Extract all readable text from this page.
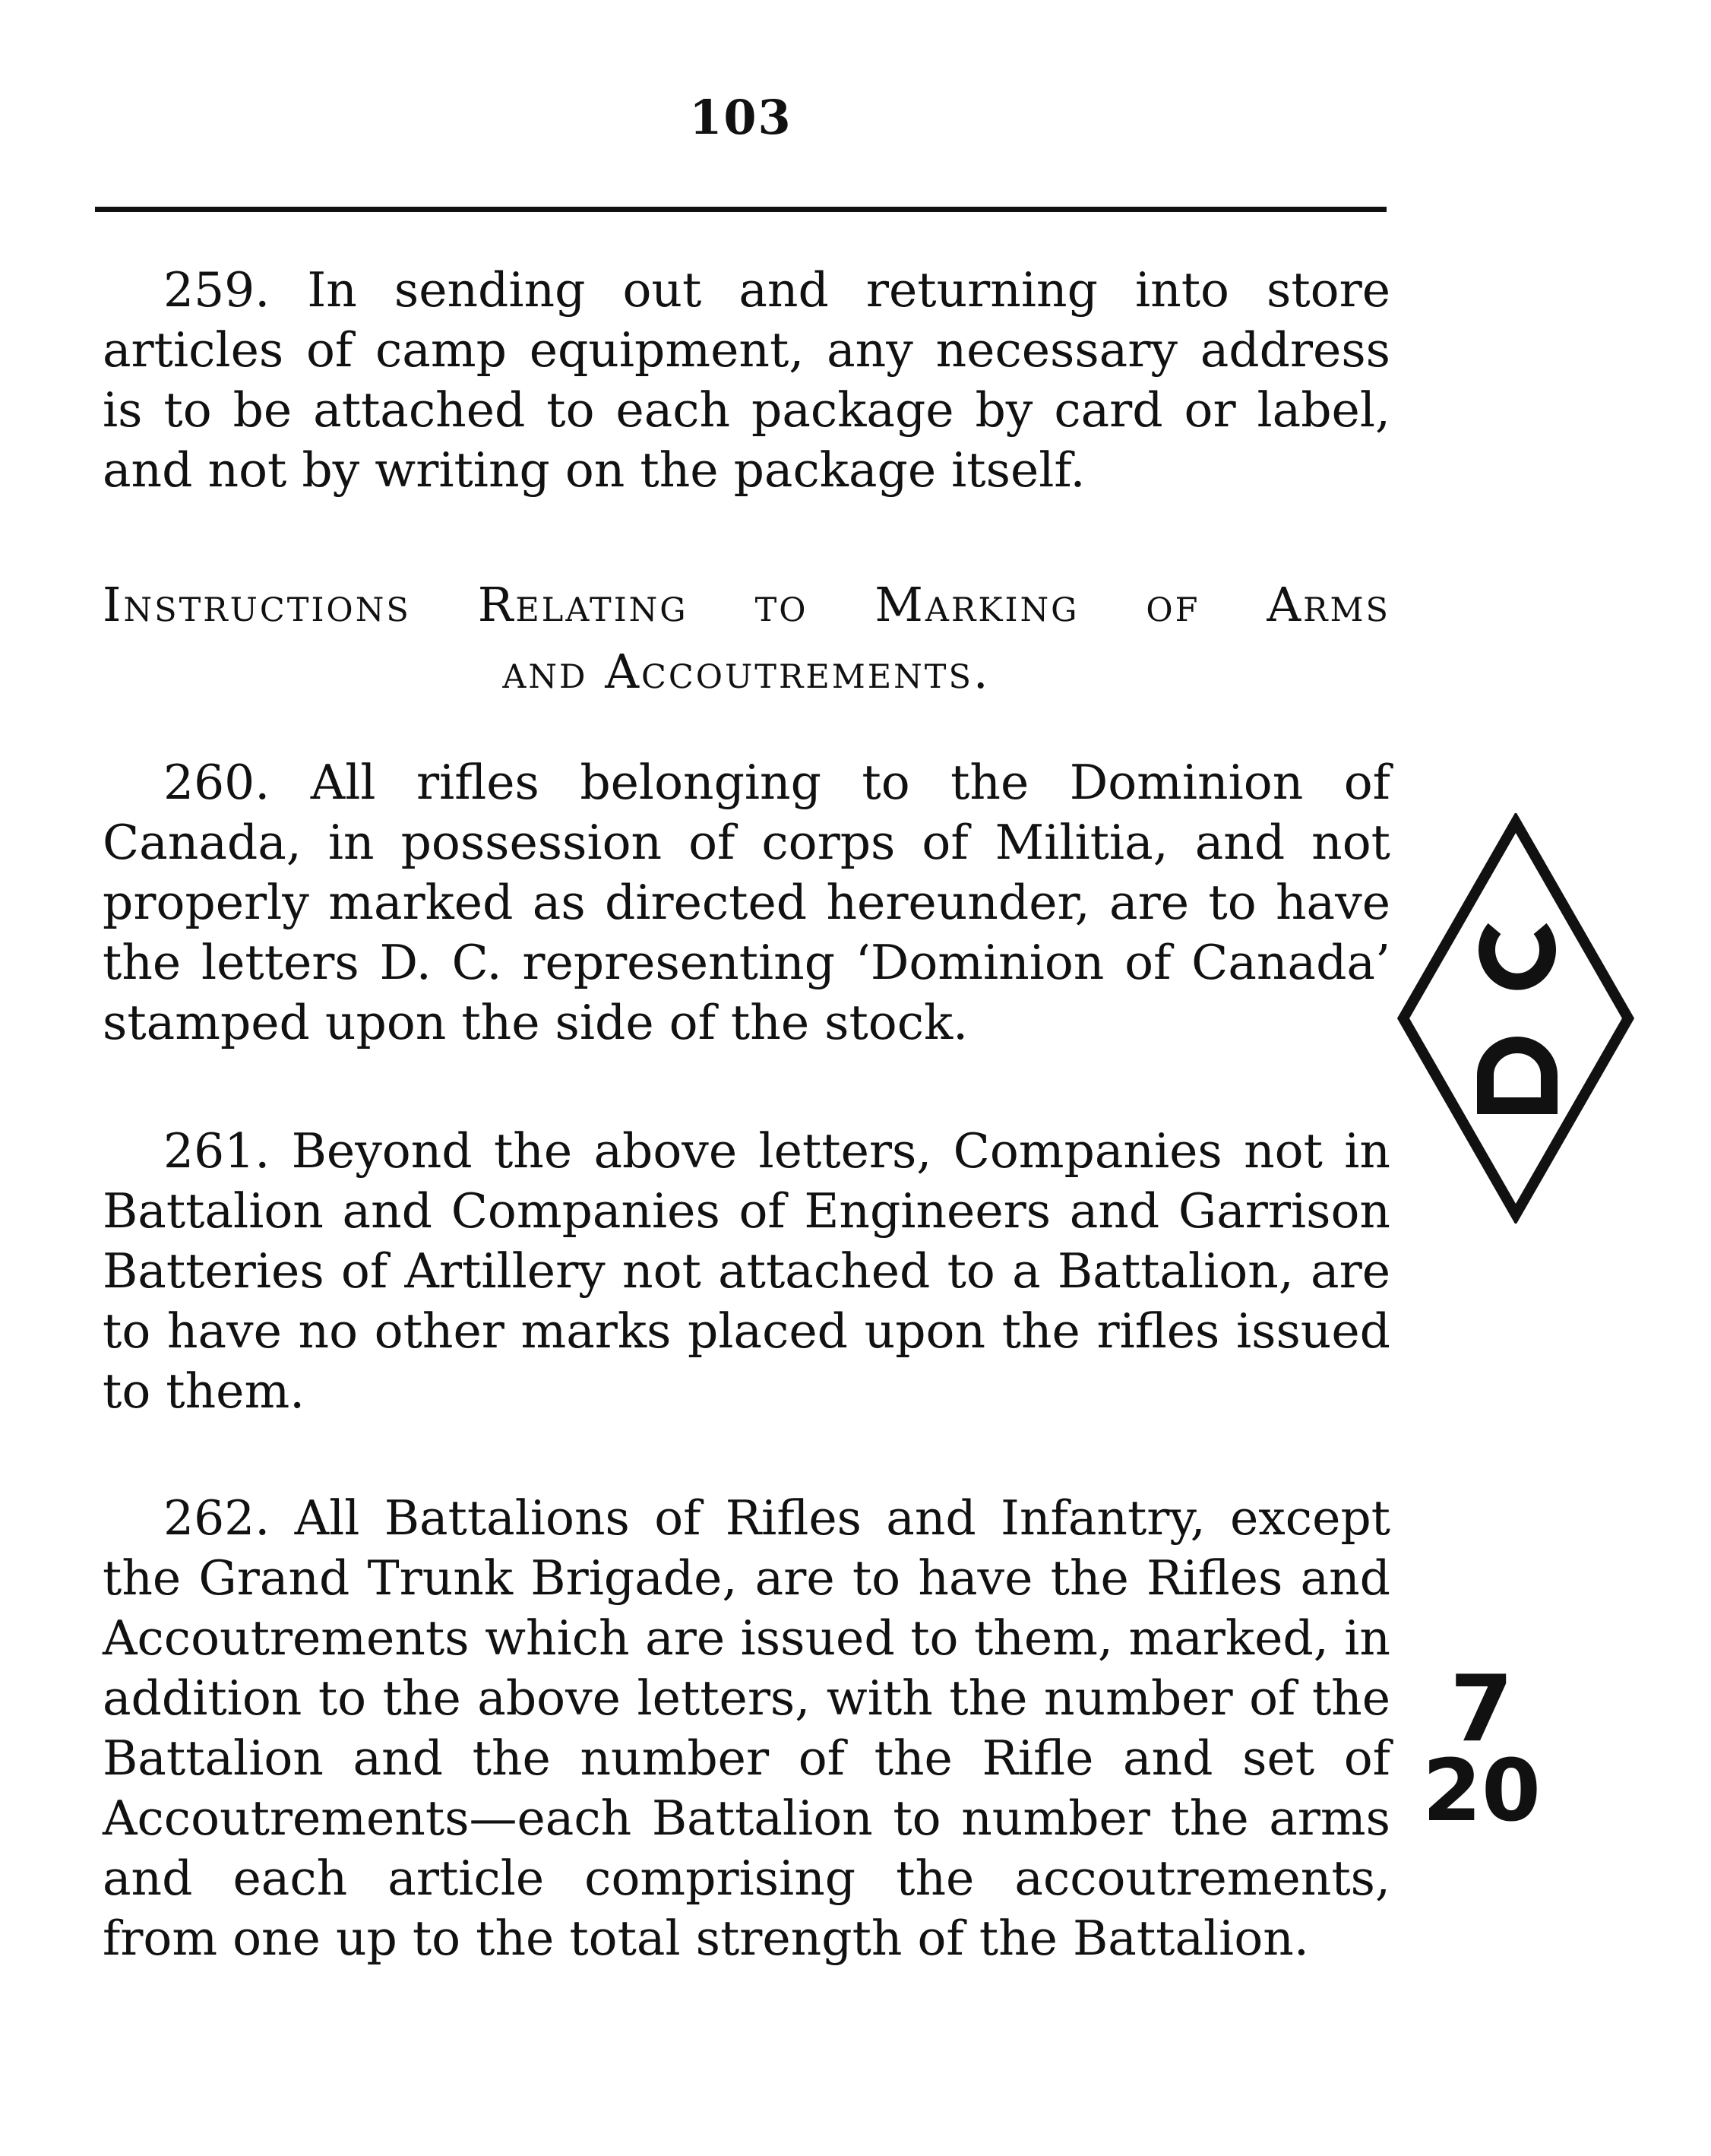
103
259. In sending out and returning into store articles of camp equipment, any necessary address is to be attached to each package by card or label, and not by writing on the package itself.
Instructions Relating to Marking of Arms
and Accoutrements.
260. All rifles belonging to the Dominion of Canada, in possession of corps of Militia, and not properly marked as directed hereunder, are to have the letters D. C. representing ‘Dominion of Canada’ stamped upon the side of the stock.
261. Beyond the above letters, Companies not in Battalion and Companies of Engineers and Garrison Batteries of Artillery not attached to a Battalion, are to have no other marks placed upon the rifles issued to them.
262. All Battalions of Rifles and Infantry, except the Grand Trunk Brigade, are to have the Rifles and Accoutrements which are issued to them, marked, in addition to the above letters, with the number of the Battalion and the number of the Rifle and set of Accoutrements—each Battalion to number the arms and each article comprising the accoutrements, from one up to the total strength of the Battalion.
7
20
